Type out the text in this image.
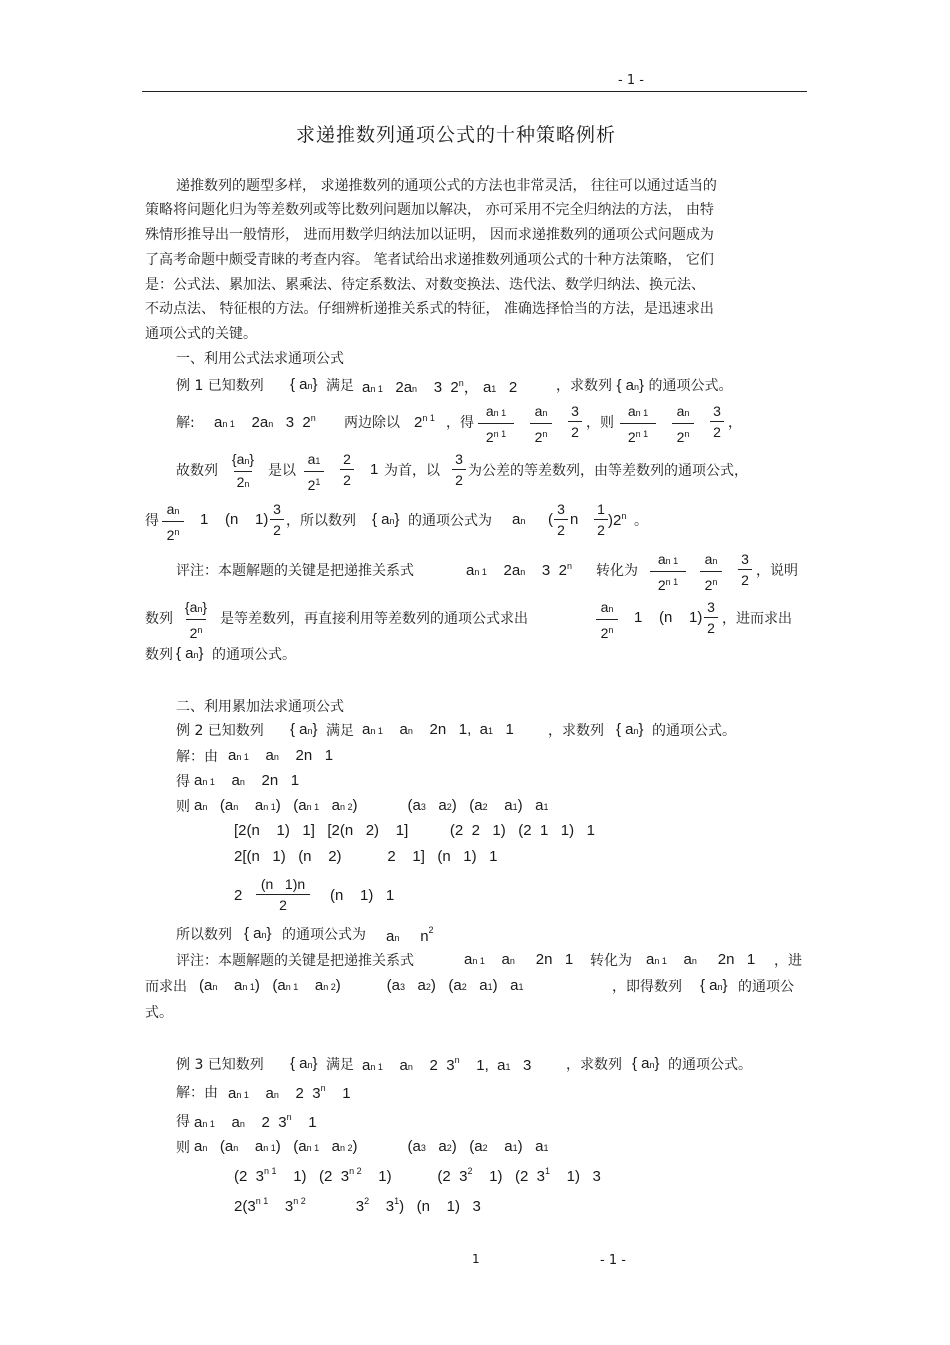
- 1 -
求递推数列通项公式的十种策略例析
递推数列的题型多样， 求递推数列的通项公式的方法也非常灵活， 往往可以通过适当的
策略将问题化归为等差数列或等比数列问题加以解决， 亦可采用不完全归纳法的方法， 由特
殊情形推导出一般情形， 进而用数学归纳法加以证明， 因而求递推数列的通项公式问题成为
了高考命题中颇受青睐的考查内容。 笔者试给出求递推数列通项公式的十种方法策略， 它们
是：公式法、累加法、累乘法、待定系数法、对数变换法、迭代法、数学归纳法、换元法、
不动点法、 特征根的方法。仔细辨析递推关系式的特征， 准确选择恰当的方法，是迅速求出
通项公式的关键。
一、利用公式法求通项公式
例 1 已知数列 { an} 满足 an 1   2an    3  2$^n$， a1   2	，求数列 { an} 的通项公式。
解: an 1    2an   3  2$^n$ 两边除以 $2^{n 1}$ ，得
an 1
$2^{n 1}$
an
2$^n$
3
2
，则
an 1
$2^{n 1}$
an
2$^n$
3
2
，
故数列
{an}
2n
是以
a1
$2^1$
2
2
1 为首，以
3
2
为公差的等差数列，由等差数列的通项公式，
得
an
2$^n$
1    (n    1)
3
2
，所以数列 { an} 的通项公式为 an (
3
2
n
1
2
)2$^n$ 。
评注：本题解题的关键是把递推关系式	an 1    2an    3  2$^n$ 转化为
an 1
$2^{n 1}$
an
2$^n$
3
2
，说明
数列
{an}
2$^n$
是等差数列，再直接利用等差数列的通项公式求出
an
2$^n$
1    (n    1)
3
2
，进而求出
数列 { an} 的通项公式。
二、利用累加法求通项公式
例 2 已知数列 { an} 满足 an 1    an    2n   1,  a1   1 ，求数列 { an} 的通项公式。
解：由 an 1    an    2n   1
得 an 1    an    2n   1
则 an   (an    an 1)   (an 1   an 2)            (a3   a2)   (a2    a1)   a1
[2(n    1)   1]   [2(n   2)    1]          (2  2   1)   (2  1   1)   1
2[(n   1)   (n    2)           2    1]   (n   1)   1
2
(n   1)n
2
(n    1)   1
所以数列 { an} 的通项公式为 an     $n^2$
评注：本题解题的关键是把递推关系式	an 1    an     2n   1 转化为 an 1    an     2n   1 ，进
而求出 (an    an 1)   (an 1    an 2)           (a3   a2)   (a2   a1)   a1	，即得数列 { an} 的通项公
式。
例 3 已知数列 { an} 满足 an 1    an    2  3$^n$    1,  a1   3 ，求数列 { an} 的通项公式。
解：由 an 1    an    2  3$^n$    1
得 an 1    an    2  3$^n$    1
则 an   (an    an 1)   (an 1   an 2)            (a3   a2)   (a2    a1)   a1
(2  $3^{n 1}$    1)   (2  $3^{n 2}$    1)           (2  $3^2$    1)   (2  $3^1$    1)   3
$2(3^{n 1}$    $3^{n 2}$            $3^2$    $3^1$)   (n    1)   3
1	- 1 -
